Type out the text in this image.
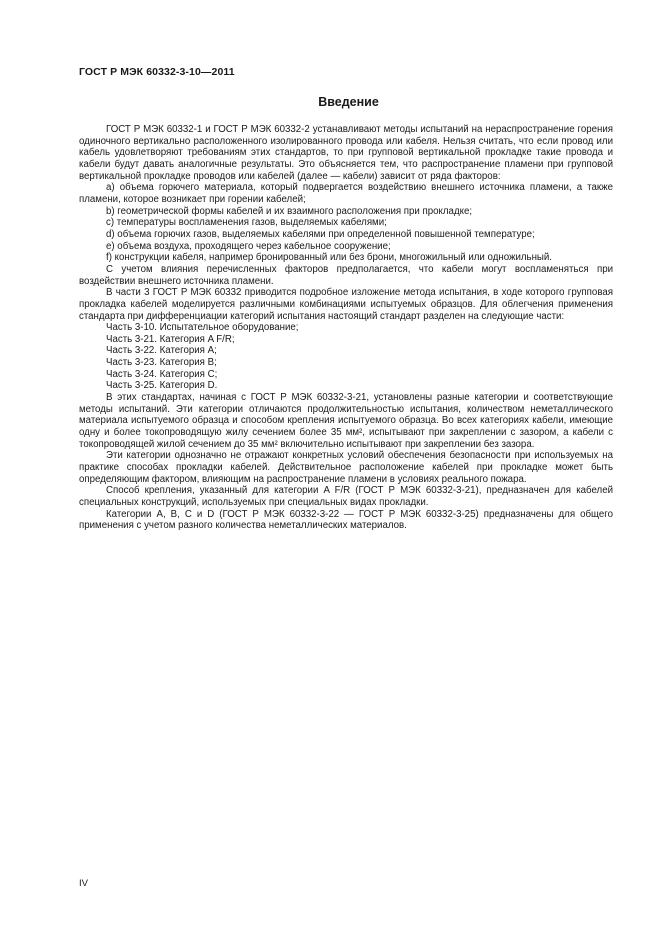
ГОСТ Р МЭК 60332-3-10—2011
Введение

ГОСТ Р МЭК 60332-1 и ГОСТ Р МЭК 60332-2 устанавливают методы испытаний на нераспространение горения одиночного вертикально расположенного изолированного провода или кабеля. Нельзя считать, что если провод или кабель удовлетворяют требованиям этих стандартов, то при групповой вертикальной прокладке такие провода и кабели будут давать аналогичные результаты. Это объясняется тем, что распространение пламени при групповой вертикальной прокладке проводов или кабелей (далее — кабели) зависит от ряда факторов:

а) объема горючего материала, который подвергается воздействию внешнего источника пламени, а также пламени, которое возникает при горении кабелей;

b) геометрической формы кабелей и их взаимного расположения при прокладке;

c) температуры воспламенения газов, выделяемых кабелями;

d) объема горючих газов, выделяемых кабелями при определенной повышенной температуре;

e) объема воздуха, проходящего через кабельное сооружение;

f) конструкции кабеля, например бронированный или без брони, многожильный или одножильный.

С учетом влияния перечисленных факторов предполагается, что кабели могут воспламеняться при воздействии внешнего источника пламени.

В части 3 ГОСТ Р МЭК 60332 приводится подробное изложение метода испытания, в ходе которого групповая прокладка кабелей моделируется различными комбинациями испытуемых образцов. Для облегчения применения стандарта при дифференциации категорий испытания настоящий стандарт разделен на следующие части:

Часть 3-10. Испытательное оборудование;

Часть 3-21. Категория A F/R;

Часть 3-22. Категория A;

Часть 3-23. Категория B;

Часть 3-24. Категория C;

Часть 3-25. Категория D.

В этих стандартах, начиная с ГОСТ Р МЭК 60332-3-21, установлены разные категории и соответствующие методы испытаний. Эти категории отличаются продолжительностью испытания, количеством неметаллического материала испытуемого образца и способом крепления испытуемого образца. Во всех категориях кабели, имеющие одну и более токопроводящую жилу сечением более 35 мм², испытывают при закреплении с зазором, а кабели с токопроводящей жилой сечением до 35 мм² включительно испытывают при закреплении без зазора.

Эти категории однозначно не отражают конкретных условий обеспечения безопасности при используемых на практике способах прокладки кабелей. Действительное расположение кабелей при прокладке может быть определяющим фактором, влияющим на распространение пламени в условиях реального пожара.

Способ крепления, указанный для категории A F/R (ГОСТ Р МЭК 60332-3-21), предназначен для кабелей специальных конструкций, используемых при специальных видах прокладки.

Категории A, B, C и D (ГОСТ Р МЭК 60332-3-22 — ГОСТ Р МЭК 60332-3-25) предназначены для общего применения с учетом разного количества неметаллических материалов.

IV
